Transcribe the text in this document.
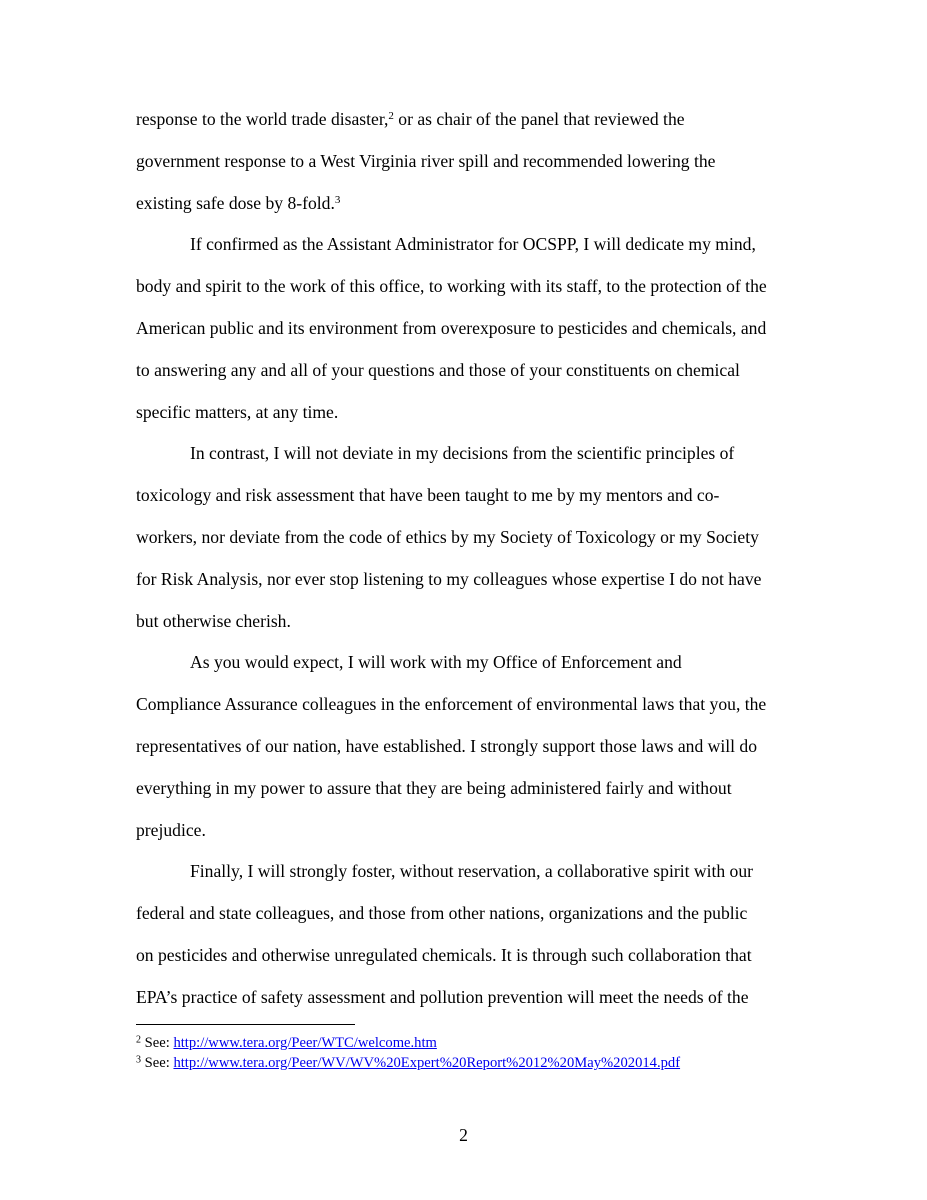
response to the world trade disaster,$^2$ or as chair of the panel that reviewed the
government response to a West Virginia river spill and recommended lowering the
existing safe dose by 8-fold.$^3$
If confirmed as the Assistant Administrator for OCSPP, I will dedicate my mind,
body and spirit to the work of this office, to working with its staff, to the protection of the
American public and its environment from overexposure to pesticides and chemicals, and
to answering any and all of your questions and those of your constituents on chemical
specific matters, at any time.
In contrast, I will not deviate in my decisions from the scientific principles of
toxicology and risk assessment that have been taught to me by my mentors and co-
workers, nor deviate from the code of ethics by my Society of Toxicology or my Society
for Risk Analysis, nor ever stop listening to my colleagues whose expertise I do not have
but otherwise cherish.
As you would expect, I will work with my Office of Enforcement and
Compliance Assurance colleagues in the enforcement of environmental laws that you, the
representatives of our nation, have established. I strongly support those laws and will do
everything in my power to assure that they are being administered fairly and without
prejudice.
Finally, I will strongly foster, without reservation, a collaborative spirit with our
federal and state colleagues, and those from other nations, organizations and the public
on pesticides and otherwise unregulated chemicals. It is through such collaboration that
EPA’s practice of safety assessment and pollution prevention will meet the needs of the
$^2$ See: http://www.tera.org/Peer/WTC/welcome.htm
$^3$ See: http://www.tera.org/Peer/WV/WV%20Expert%20Report%2012%20May%202014.pdf
2
